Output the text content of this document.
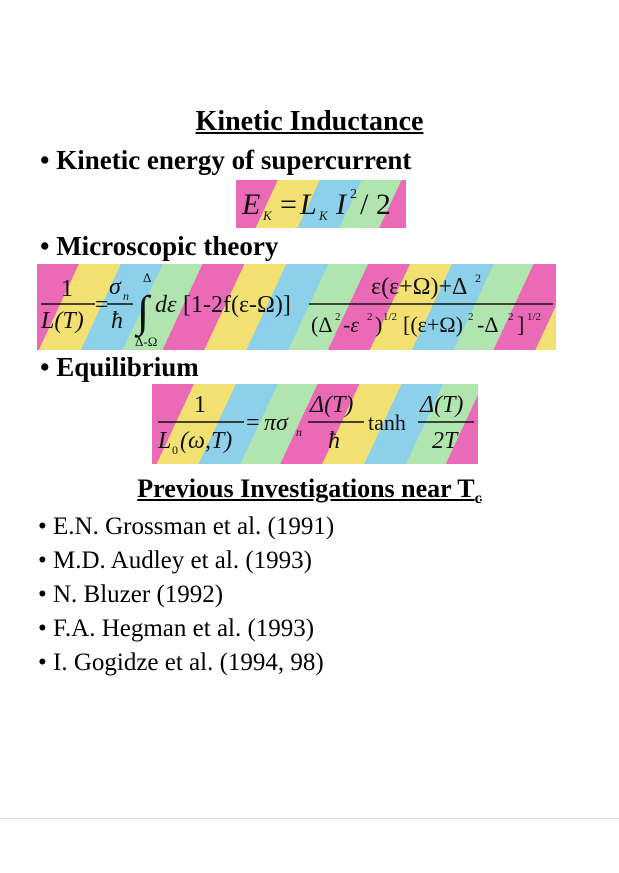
Kinetic Inductance
• Kinetic energy of supercurrent
E K = L K I 2 / 2
• Microscopic theory
1
L(T)
=
σ n
ħ
Δ
∫
Δ-Ω
dε [1-2f(ε-Ω)]
ε(ε+Ω)+Δ 2
(Δ 2 -ε 2 ) 1/2 [(ε+Ω) 2 -Δ 2 ] 1/2
• Equilibrium
1
L 0 (ω,T)
= πσ n
Δ(T)
ħ
tanh
Δ(T)
2T
Previous Investigations near $T_c$
• E.N. Grossman et al. (1991)
• M.D. Audley et al. (1993)
• N. Bluzer (1992)
• F.A. Hegman et al. (1993)
• I. Gogidze et al. (1994, 98)
